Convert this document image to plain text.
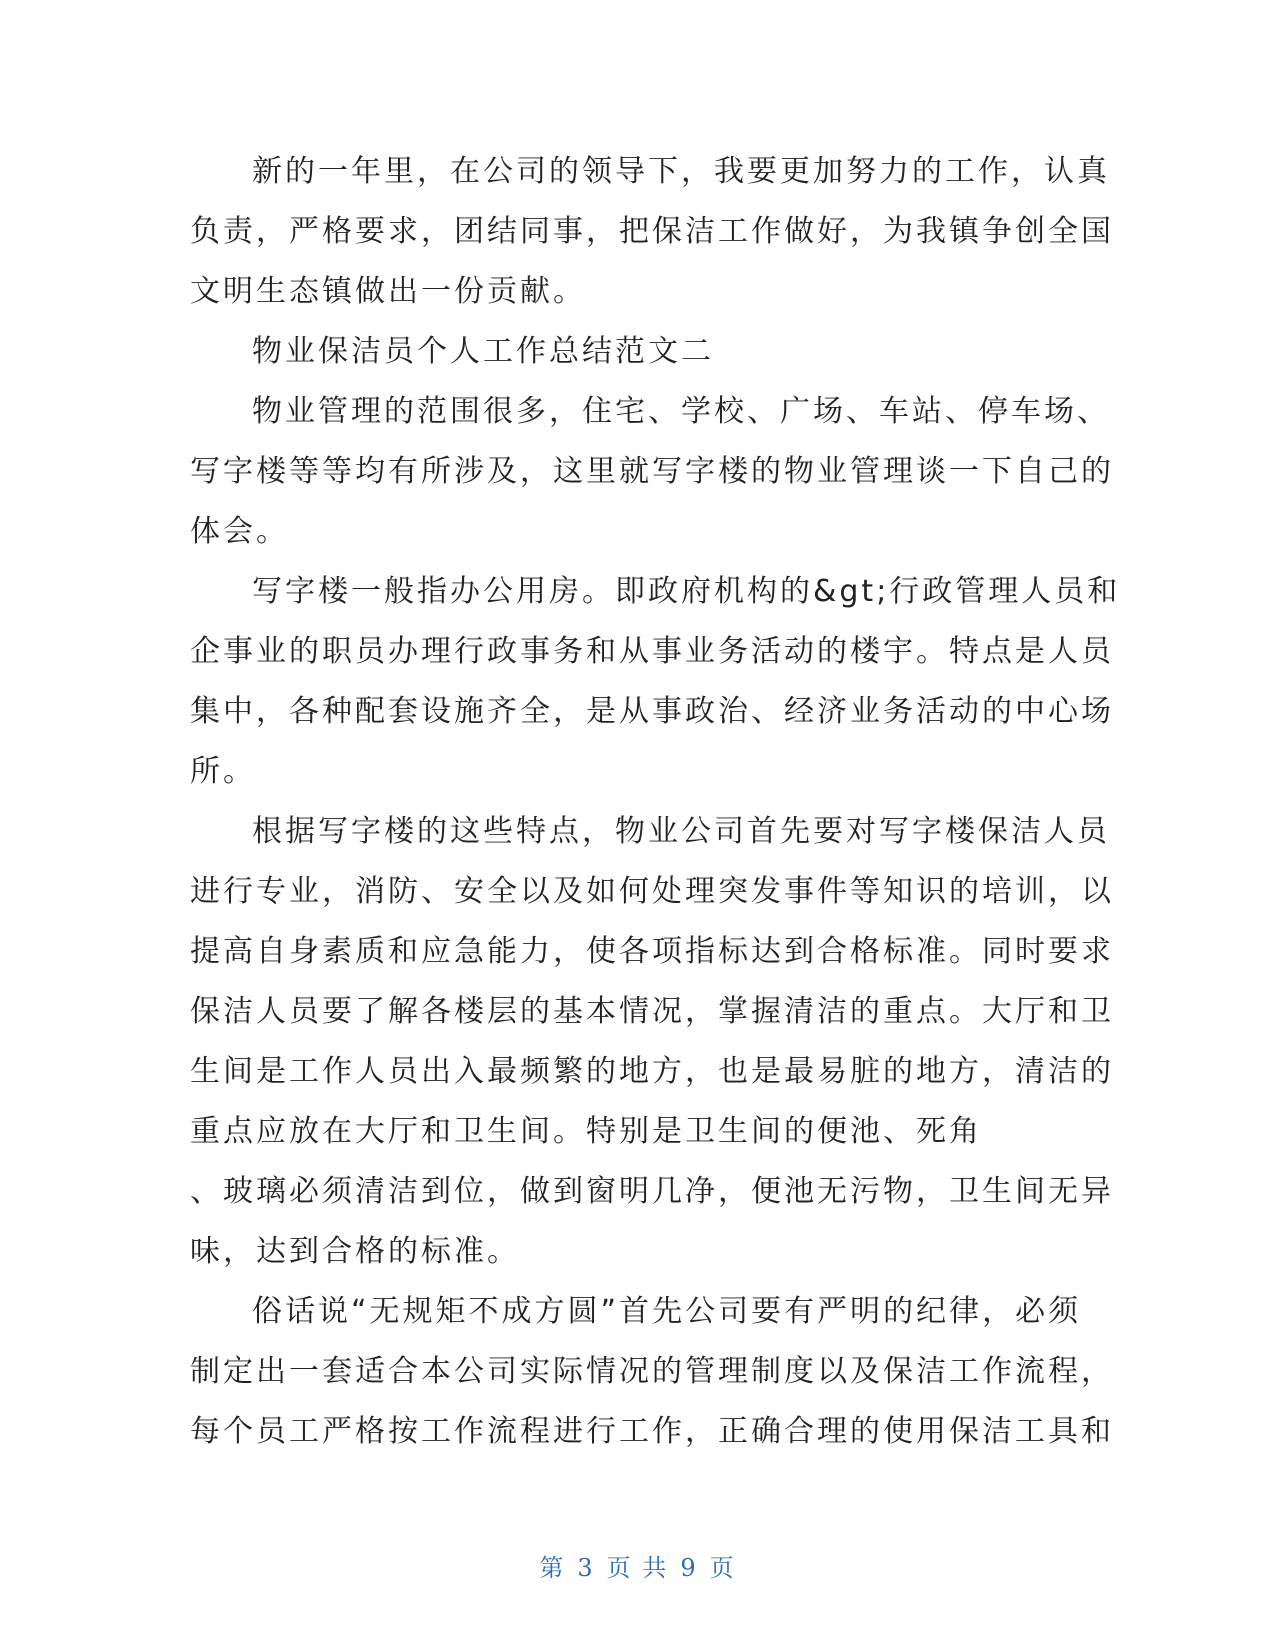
新的一年里，在公司的领导下，我要更加努力的工作，认真
负责，严格要求，团结同事，把保洁工作做好，为我镇争创全国
文明生态镇做出一份贡献。

物业保洁员个人工作总结范文二

物业管理的范围很多，住宅、学校、广场、车站、停车场、
写字楼等等均有所涉及，这里就写字楼的物业管理谈一下自己的
体会。

写字楼一般指办公用房。即政府机构的&gt;行政管理人员和
企事业的职员办理行政事务和从事业务活动的楼宇。特点是人员
集中，各种配套设施齐全，是从事政治、经济业务活动的中心场
所。

根据写字楼的这些特点，物业公司首先要对写字楼保洁人员
进行专业，消防、安全以及如何处理突发事件等知识的培训，以
提高自身素质和应急能力，使各项指标达到合格标准。同时要求
保洁人员要了解各楼层的基本情况，掌握清洁的重点。大厅和卫
生间是工作人员出入最频繁的地方，也是最易脏的地方，清洁的
重点应放在大厅和卫生间。特别是卫生间的便池、死角
、玻璃必须清洁到位，做到窗明几净，便池无污物，卫生间无异
味，达到合格的标准。

俗话说“无规矩不成方圆”首先公司要有严明的纪律，必须
制定出一套适合本公司实际情况的管理制度以及保洁工作流程，
每个员工严格按工作流程进行工作，正确合理的使用保洁工具和

第 3 页 共 9 页
